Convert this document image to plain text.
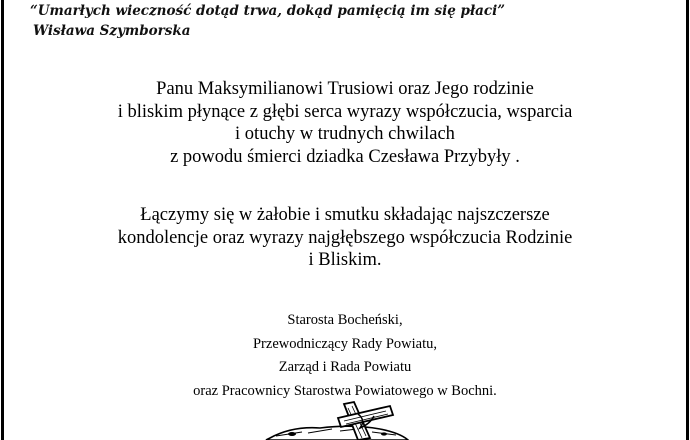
“Umarłych wieczność dotąd trwa, dokąd pamięcią im się płaci”
Wisława Szymborska
Panu Maksymilianowi Trusiowi oraz Jego rodzinie
i bliskim płynące z głębi serca wyrazy współczucia, wsparcia
i otuchy w trudnych chwilach
z powodu śmierci dziadka Czesława Przybyły .
Łączymy się w żałobie i smutku składając najszczersze
kondolencje oraz wyrazy najgłębszego współczucia Rodzinie
i Bliskim.
Starosta Bocheński,
Przewodniczący Rady Powiatu,
Zarząd i Rada Powiatu
oraz Pracownicy Starostwa Powiatowego w Bochni.
